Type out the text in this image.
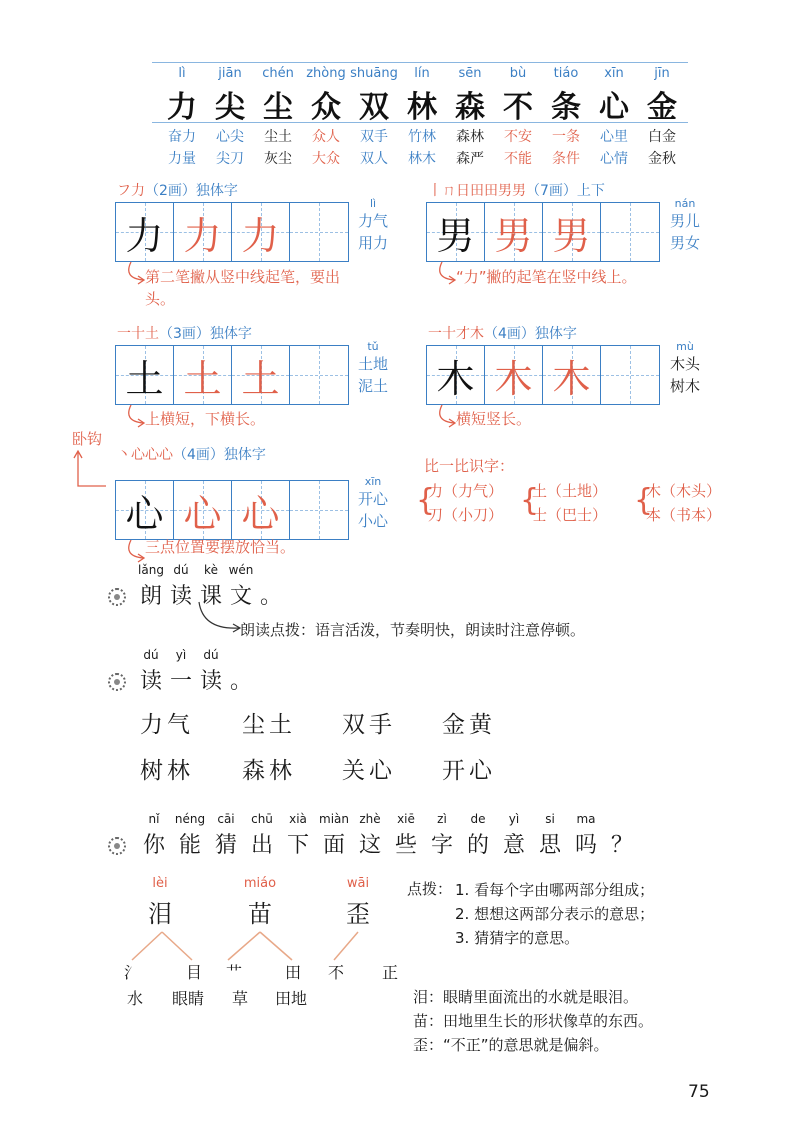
lì
力
奋力
力量
jiān
尖
心尖
尖刀
chén
尘
尘土
灰尘
zhòng
众
众人
大众
shuāng
双
双手
双人
lín
林
竹林
林木
sēn
森
森林
森严
bù
不
不安
不能
tiáo
条
一条
条件
xīn
心
心里
心情
jīn
金
白金
金秋
フ力（2画）独体字
力 力 力
lì
力气
用力
第二笔撇从竖中线起笔，要出头。
丨ㄇ日田田男男（7画）上下
男 男 男
nán
男儿
男女
“力”撇的起笔在竖中线上。
一十土（3画）独体字
土 土 土
tǔ
土地
泥土
上横短，下横长。
一十才木（4画）独体字
木 木 木
mù
木头
树木
横短竖长。
丶心心心（4画）独体字
心 心 心
xīn
开心
小心
三点位置要摆放恰当。
卧钩
比一比识字：
{
力（力气）
刀（小刀） {
土（土地）
士（巴士） {
木（木头）
本（书本）
lǎng
朗
dú
读
kè
课
wén
文 。
朗读点拨：语言活泼，节奏明快，朗读时注意停顿。
dú
读
yì
一
dú
读 。
力气 尘土 双手 金黄
树林 森林 关心 开心
nǐ
你
néng
能
cāi
猜
chū
出
xià
下
miàn
面
zhè
这
xiē
些
zì
字
de
的
yì
意
si
思
ma
吗 ？
lèi
泪
miáo
苗
wāi
歪
氵	目 艹	田 不 正
水 眼睛 草 田地
点拨： 1. 看每个字由哪两部分组成；
2. 想想这两部分表示的意思；
3. 猜猜字的意思。
泪：眼睛里面流出的水就是眼泪。
苗：田地里生长的形状像草的东西。
歪：“不正”的意思就是偏斜。
75
